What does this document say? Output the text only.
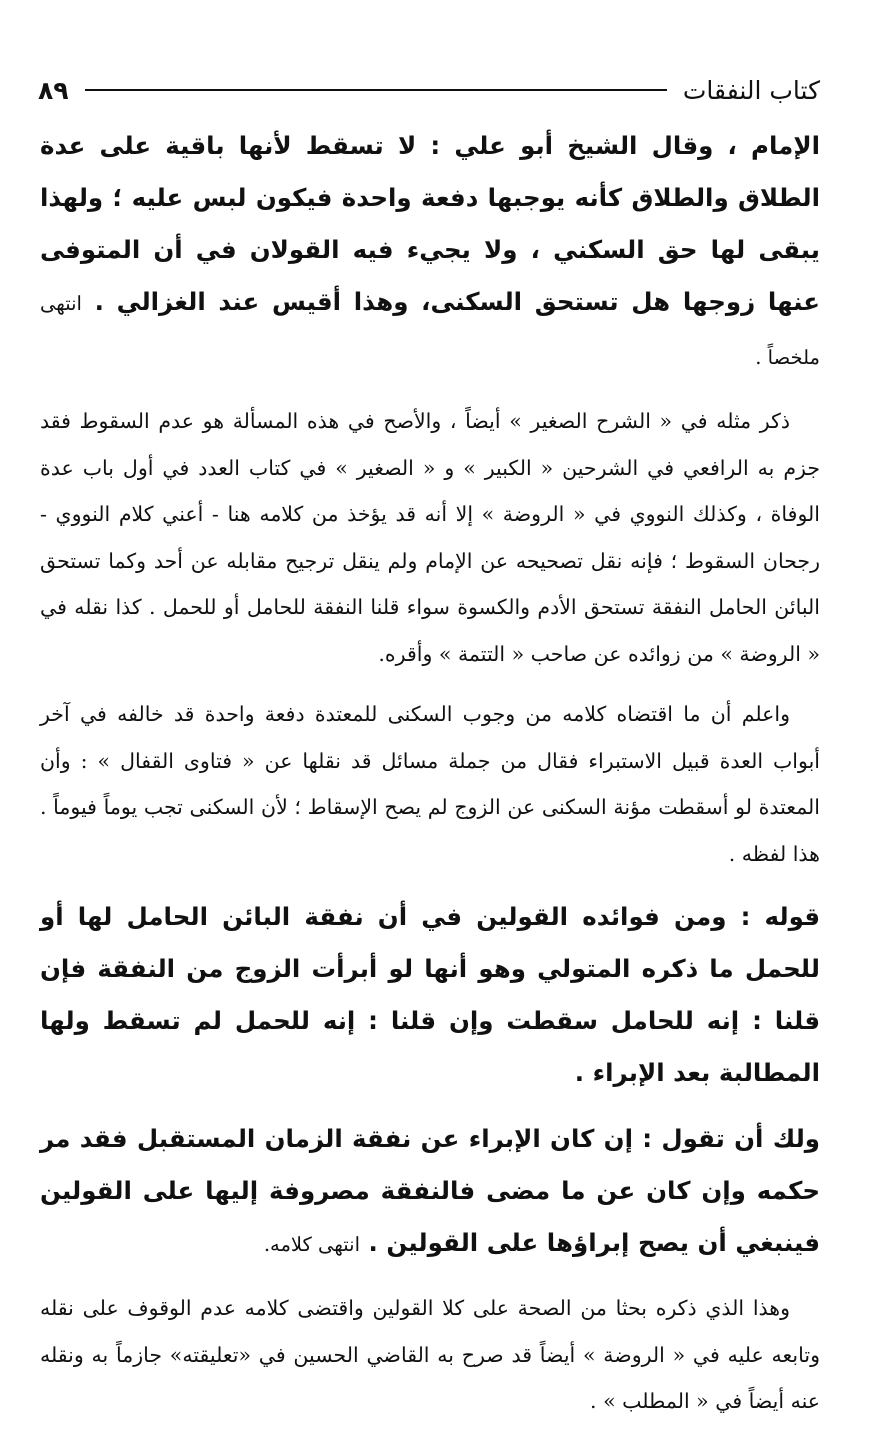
كتاب النفقات
٨٩

الإمام ، وقال الشيخ أبو علي : لا تسقط لأنها باقية على عدة الطلاق والطلاق كأنه يوجبها دفعة واحدة فيكون لبس عليه ؛ ولهذا يبقى لها حق السكني ، ولا يجيء فيه القولان في أن المتوفى عنها زوجها هل تستحق السكنى، وهذا أقيس عند الغزالي . انتهى ملخصاً .

ذكر مثله في « الشرح الصغير » أيضاً ، والأصح في هذه المسألة هو عدم السقوط فقد جزم به الرافعي في الشرحين « الكبير » و « الصغير » في كتاب العدد في أول باب عدة الوفاة ، وكذلك النووي في « الروضة » إلا أنه قد يؤخذ من كلامه هنا - أعني كلام النووي - رجحان السقوط ؛ فإنه نقل تصحيحه عن الإمام ولم ينقل ترجيح مقابله عن أحد وكما تستحق البائن الحامل النفقة تستحق الأدم والكسوة سواء قلنا النفقة للحامل أو للحمل . كذا نقله في « الروضة » من زوائده عن صاحب « التتمة » وأقره.

واعلم أن ما اقتضاه كلامه من وجوب السكنى للمعتدة دفعة واحدة قد خالفه في آخر أبواب العدة قبيل الاستبراء فقال من جملة مسائل قد نقلها عن « فتاوى القفال » : وأن المعتدة لو أسقطت مؤنة السكنى عن الزوج لم يصح الإسقاط ؛ لأن السكنى تجب يوماً فيوماً . هذا لفظه .

قوله : ومن فوائده القولين في أن نفقة البائن الحامل لها أو للحمل ما ذكره المتولي وهو أنها لو أبرأت الزوج من النفقة فإن قلنا : إنه للحامل سقطت وإن قلنا : إنه للحمل لم تسقط ولها المطالبة بعد الإبراء .

ولك أن تقول : إن كان الإبراء عن نفقة الزمان المستقبل فقد مر حكمه وإن كان عن ما مضى فالنفقة مصروفة إليها على القولين فينبغي أن يصح إبراؤها على القولين . انتهى كلامه.

وهذا الذي ذكره بحثا من الصحة على كلا القولين واقتضى كلامه عدم الوقوف على نقله وتابعه عليه في « الروضة » أيضاً قد صرح به القاضي الحسين في «تعليقته» جازماً به ونقله عنه أيضاً في « المطلب » .
